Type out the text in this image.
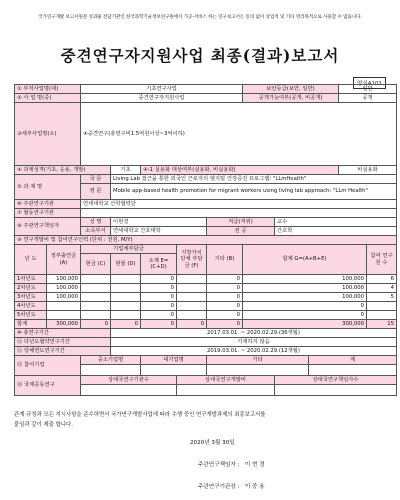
국가연구개발 보고서원문 성과물 전담기관인 한국과학기술정보연구원에서 가공·서비스 하는 연구보고서는 동의 없이 상업적 및 기타 영리목적으로 사용할 수 없습니다.
중견연구자지원사업 최종(결과)보고서
양식A101
① 부처사업명(대)		기초연구사업					보안등급(보안, 일반)			일반	
② 사 업 명(중)		중견연구자지원사업					공개가능여부(공개, 비공개)			공개	
③세부사업명(소)		④중견연구(총연구비1.5억원이상~3억이하)									
④ 과제성격(기초, 응용, 개발)			기초	④-1 실용화 대상여부(실용화, 비실용화)						비실용화	
⑤ 과 제 명		국 문	Living Lab 접근을 통한 외국인 근로자의 엠지털 건강증진 프로그램: "LLmHealth"								
		영 문	Mobile app-based health promotion for migrant workers using living lab approach: "LLm Health"								
⑥ 주관연구기관		연세대학교 산학협력단									
⑦ 협동연구기관											
⑧ 주관연구책임자		성 명	이현경			직급(직위)		교수			
		소속부서	연세대학교 간호대학			전 공		간호학			
⑨ 연구개발비 및 참여연구인력 (단위 : 천원, M/Y)											
년 도	정부출연금 (A)	기업체부담금			지방자치 단체 부담금 (F)	기타 (B)	합계 G=(A+B+E)				참여 연구원 수
		현금 (C)	현물 (D)	소계 E=(C+D)							
1차년도	100,000			0		0	100,000				6
2차년도	100,000			0		0	100,000				4
3차년도	100,000			0		0	100,000				5
4차년도				0		0	0				
5차년도				0		0	0				
합계	300,000	0	0	0	0	0	300,000				15
⑩ 총연구기간			2017.03.01. ~ 2020.02.29.(36개월)								
⑪ 다년도협약연구기간			기재하지 않음								
⑫ 당해연도연구기간			2019.03.01. ~ 2020.02.29.(12개월)								
⑬ 참여기업		중소기업명		대기업명		기타			계		

⑭ 국제공동연구		상대국연구기관수			상대국연구개발비			상대국연구책임자수			

관계 규정과 모든 지시사항을 준수하면서 국가연구개발사업에 따라 수행 중인 연구개발과제의 최종보고서를

붙임과 같이 제출 합니다.

2020년 3월 30일
주관연구책임자 : 이 현 경
주관연구기관장 : 이 중 용
